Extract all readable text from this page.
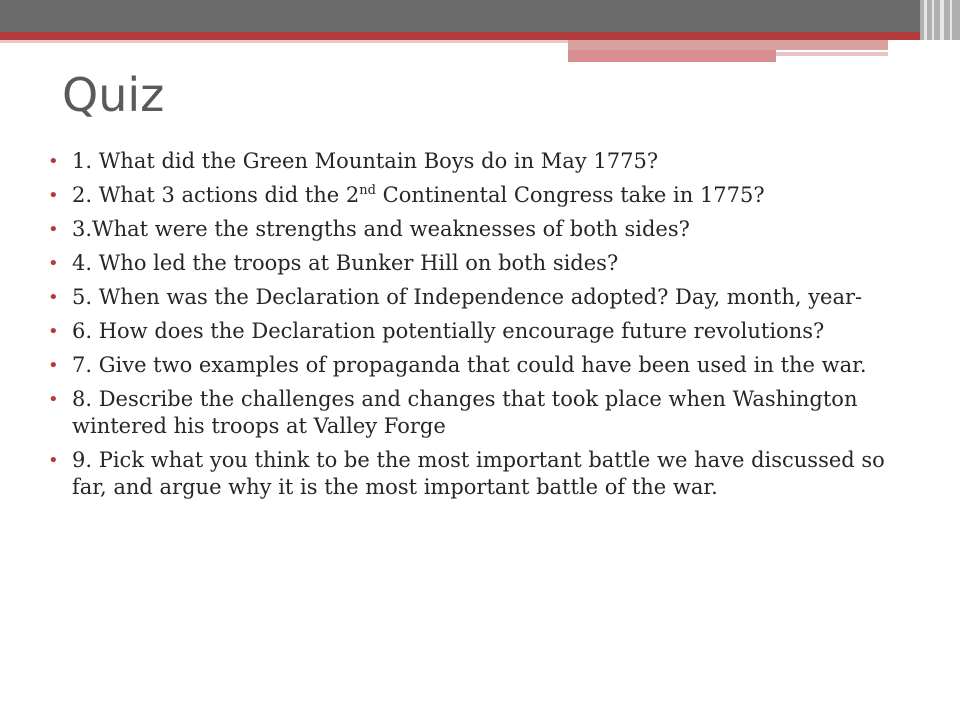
Quiz
• 1. What did the Green Mountain Boys do in May 1775?
• 2. What 3 actions did the 2nd Continental Congress take in 1775?
• 3.What were the strengths and weaknesses of both sides?
• 4. Who led the troops at Bunker Hill on both sides?
• 5. When was the Declaration of Independence adopted? Day, month, year-
• 6. How does the Declaration potentially encourage future revolutions?
• 7. Give two examples of propaganda that could have been used in the war.
• 8. Describe the challenges and changes that took place when Washington wintered his troops at Valley Forge
• 9. Pick what you think to be the most important battle we have discussed so far, and argue why it is the most important battle of the war.
